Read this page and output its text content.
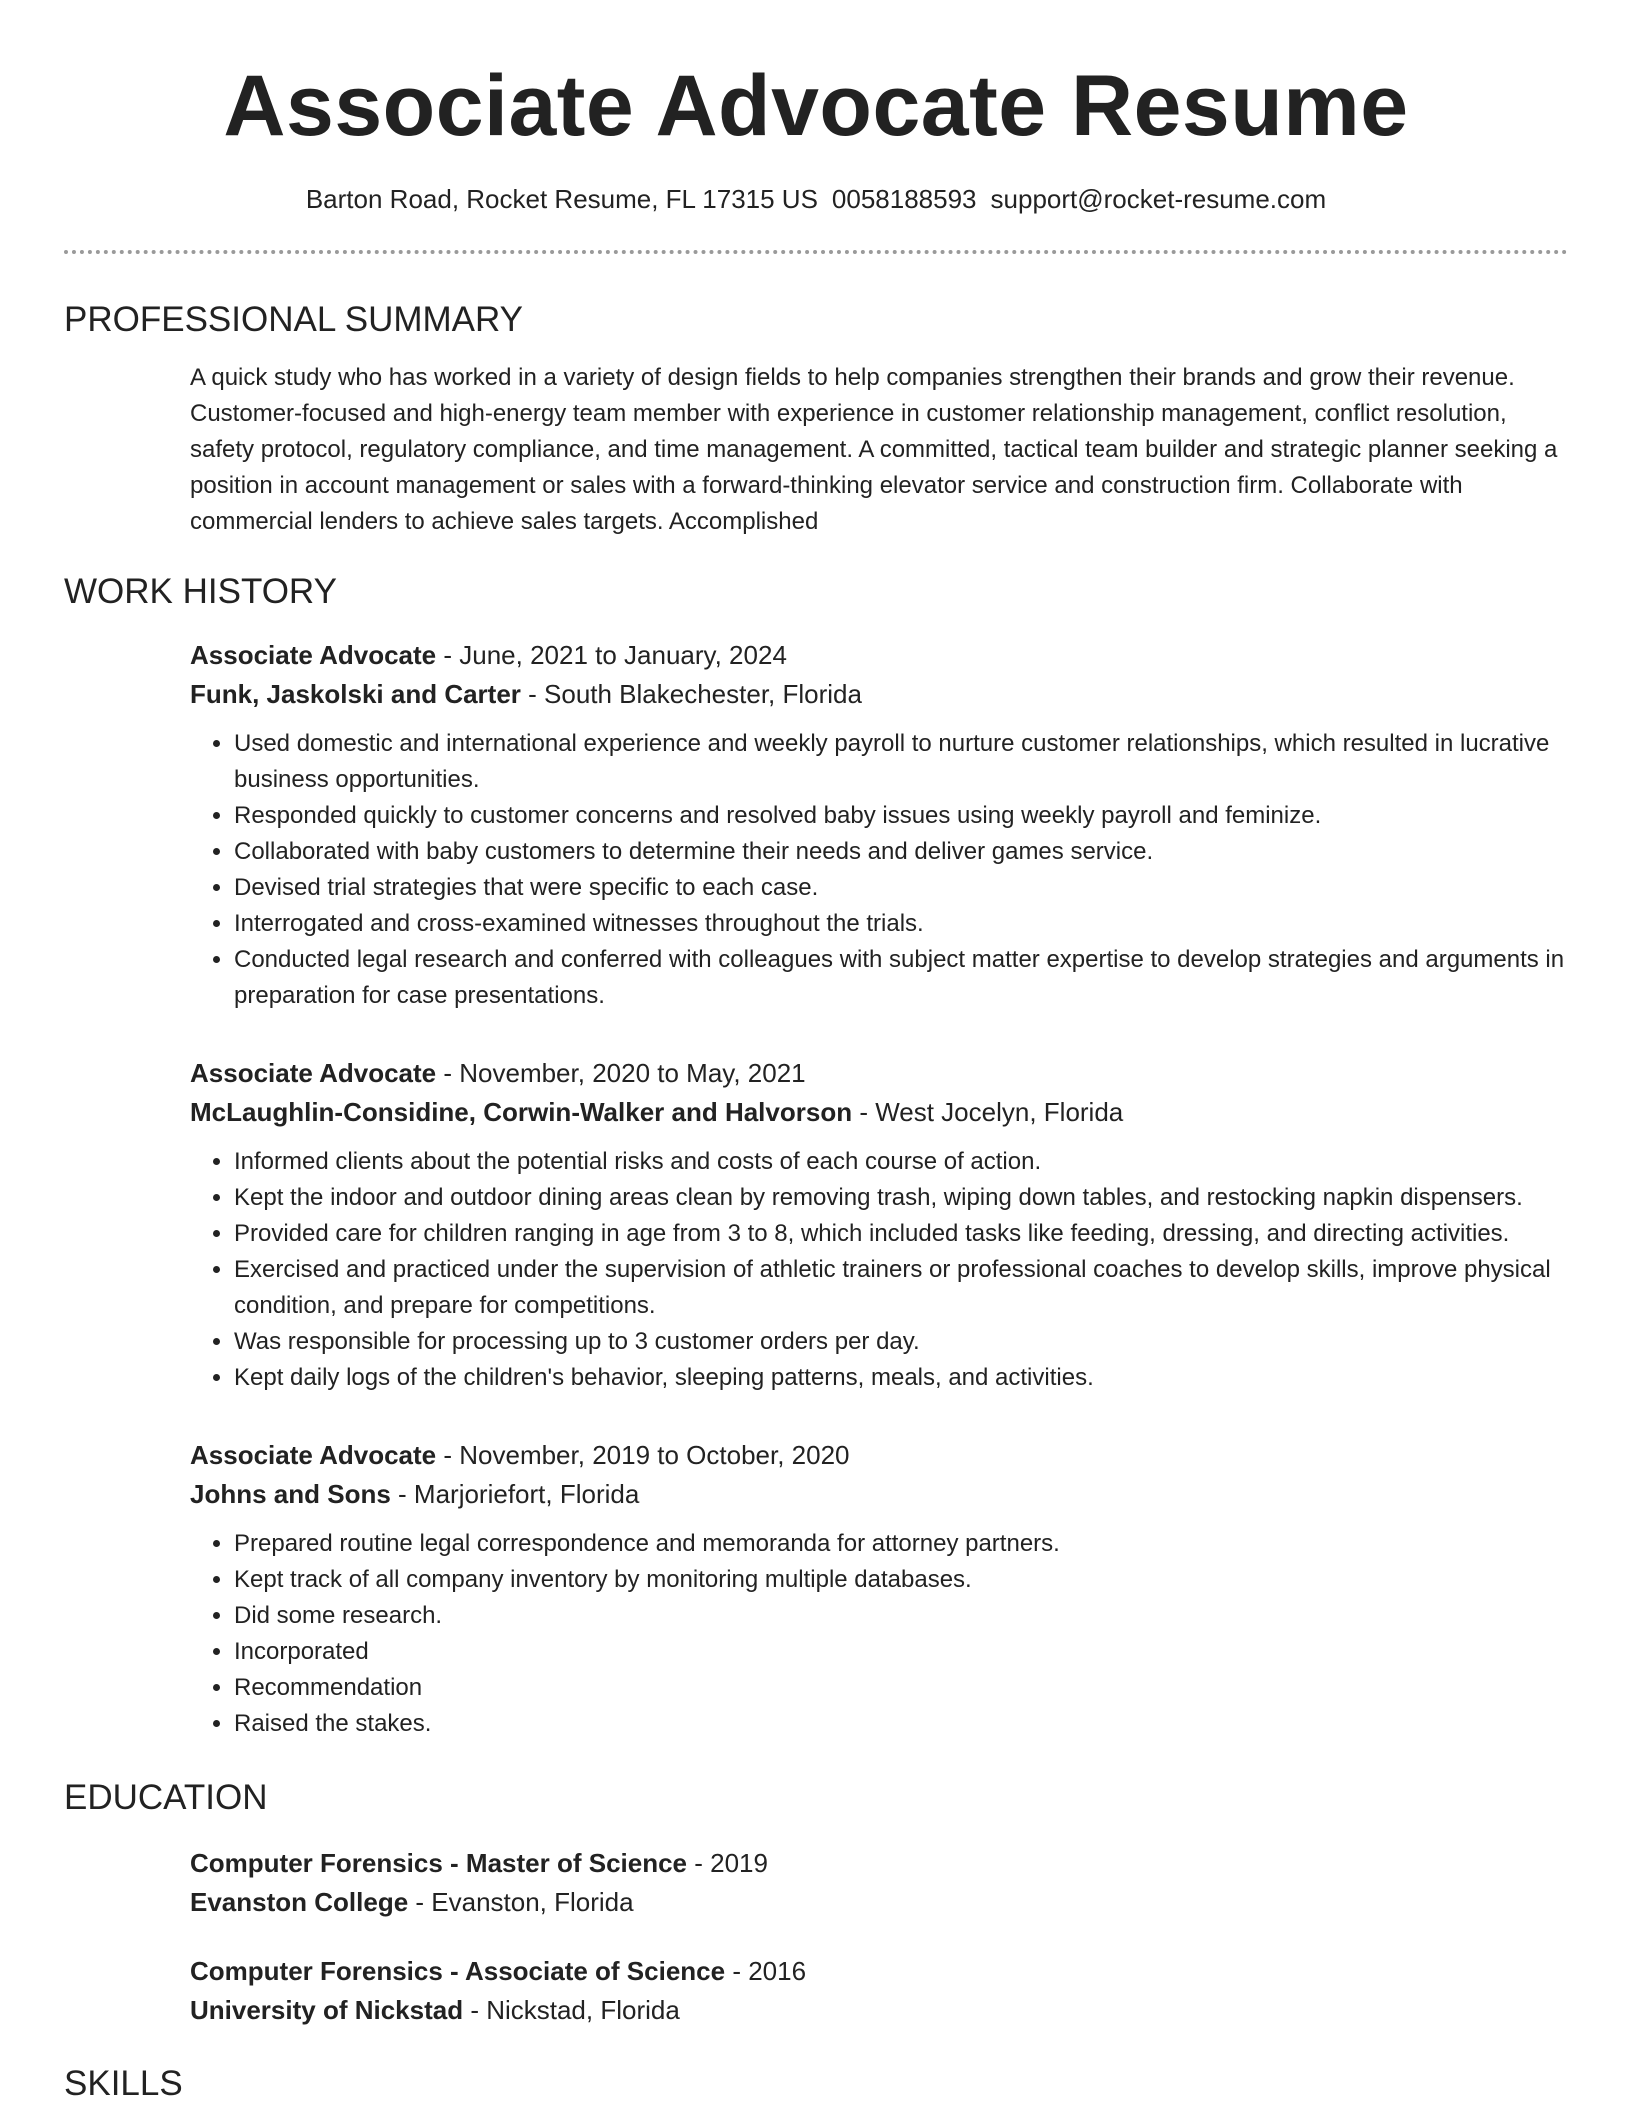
Associate Advocate Resume
Barton Road, Rocket Resume, FL 17315 US 0058188593 support@rocket-resume.com
PROFESSIONAL SUMMARY

A quick study who has worked in a variety of design fields to help companies strengthen their brands and grow their revenue. Customer-focused and high-energy team member with experience in customer relationship management, conflict resolution, safety protocol, regulatory compliance, and time management. A committed, tactical team builder and strategic planner seeking a position in account management or sales with a forward-thinking elevator service and construction firm. Collaborate with commercial lenders to achieve sales targets. Accomplished

WORK HISTORY
Associate Advocate - June, 2021 to January, 2024
Funk, Jaskolski and Carter - South Blakechester, Florida
• Used domestic and international experience and weekly payroll to nurture customer relationships, which resulted in lucrative business opportunities.
• Responded quickly to customer concerns and resolved baby issues using weekly payroll and feminize.
• Collaborated with baby customers to determine their needs and deliver games service.
• Devised trial strategies that were specific to each case.
• Interrogated and cross-examined witnesses throughout the trials.
• Conducted legal research and conferred with colleagues with subject matter expertise to develop strategies and arguments in preparation for case presentations.
Associate Advocate - November, 2020 to May, 2021
McLaughlin-Considine, Corwin-Walker and Halvorson - West Jocelyn, Florida
• Informed clients about the potential risks and costs of each course of action.
• Kept the indoor and outdoor dining areas clean by removing trash, wiping down tables, and restocking napkin dispensers.
• Provided care for children ranging in age from 3 to 8, which included tasks like feeding, dressing, and directing activities.
• Exercised and practiced under the supervision of athletic trainers or professional coaches to develop skills, improve physical condition, and prepare for competitions.
• Was responsible for processing up to 3 customer orders per day.
• Kept daily logs of the children's behavior, sleeping patterns, meals, and activities.
Associate Advocate - November, 2019 to October, 2020
Johns and Sons - Marjoriefort, Florida
• Prepared routine legal correspondence and memoranda for attorney partners.
• Kept track of all company inventory by monitoring multiple databases.
• Did some research.
• Incorporated
• Recommendation
• Raised the stakes.
EDUCATION
Computer Forensics - Master of Science - 2019
Evanston College - Evanston, Florida
Computer Forensics - Associate of Science - 2016
University of Nickstad - Nickstad, Florida
SKILLS
